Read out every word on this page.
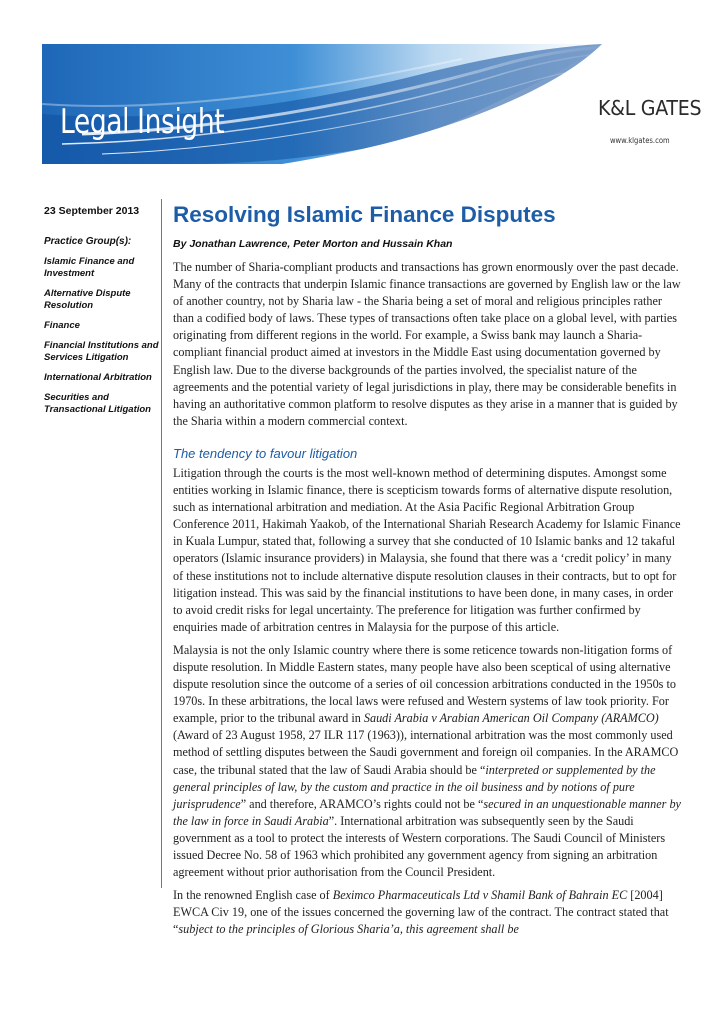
Legal Insight	K&L GATES
www.klgates.com
23 September 2013
Practice Group(s):
Islamic Finance and Investment
Alternative Dispute Resolution
Finance
Financial Institutions and Services Litigation
International Arbitration
Securities and Transactional Litigation
Resolving Islamic Finance Disputes
By Jonathan Lawrence, Peter Morton and Hussain Khan

The number of Sharia-compliant products and transactions has grown enormously over the past decade. Many of the contracts that underpin Islamic finance transactions are governed by English law or the law of another country, not by Sharia law - the Sharia being a set of moral and religious principles rather than a codified body of laws. These types of transactions often take place on a global level, with parties originating from different regions in the world. For example, a Swiss bank may launch a Sharia-compliant financial product aimed at investors in the Middle East using documentation governed by English law. Due to the diverse backgrounds of the parties involved, the specialist nature of the agreements and the potential variety of legal jurisdictions in play, there may be considerable benefits in having an authoritative common platform to resolve disputes as they arise in a manner that is guided by the Sharia within a modern commercial context.

The tendency to favour litigation

Litigation through the courts is the most well-known method of determining disputes. Amongst some entities working in Islamic finance, there is scepticism towards forms of alternative dispute resolution, such as international arbitration and mediation. At the Asia Pacific Regional Arbitration Group Conference 2011, Hakimah Yaakob, of the International Shariah Research Academy for Islamic Finance in Kuala Lumpur, stated that, following a survey that she conducted of 10 Islamic banks and 12 takaful operators (Islamic insurance providers) in Malaysia, she found that there was a ‘credit policy’ in many of these institutions not to include alternative dispute resolution clauses in their contracts, but to opt for litigation instead. This was said by the financial institutions to have been done, in many cases, in order to avoid credit risks for legal uncertainty. The preference for litigation was further confirmed by enquiries made of arbitration centres in Malaysia for the purpose of this article.

Malaysia is not the only Islamic country where there is some reticence towards non-litigation forms of dispute resolution. In Middle Eastern states, many people have also been sceptical of using alternative dispute resolution since the outcome of a series of oil concession arbitrations conducted in the 1950s to 1970s. In these arbitrations, the local laws were refused and Western systems of law took priority. For example, prior to the tribunal award in Saudi Arabia v Arabian American Oil Company (ARAMCO) (Award of 23 August 1958, 27 ILR 117 (1963)), international arbitration was the most commonly used method of settling disputes between the Saudi government and foreign oil companies. In the ARAMCO case, the tribunal stated that the law of Saudi Arabia should be “interpreted or supplemented by the general principles of law, by the custom and practice in the oil business and by notions of pure jurisprudence” and therefore, ARAMCO’s rights could not be “secured in an unquestionable manner by the law in force in Saudi Arabia”. International arbitration was subsequently seen by the Saudi government as a tool to protect the interests of Western corporations. The Saudi Council of Ministers issued Decree No. 58 of 1963 which prohibited any government agency from signing an arbitration agreement without prior authorisation from the Council President.

In the renowned English case of Beximco Pharmaceuticals Ltd v Shamil Bank of Bahrain EC [2004] EWCA Civ 19, one of the issues concerned the governing law of the contract. The contract stated that “subject to the principles of Glorious Sharia’a, this agreement shall be
